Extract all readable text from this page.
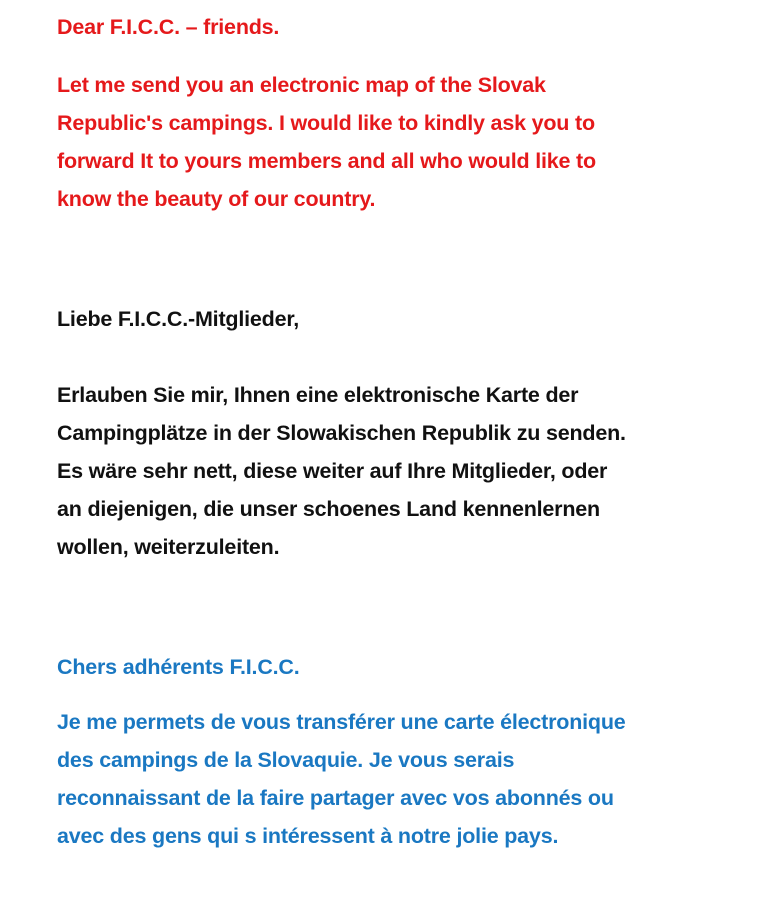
Dear F.I.C.C. – friends.

Let me send you an electronic map of the Slovak
Republic's campings. I would like to kindly ask you to
forward It to yours members and all who would like to
know the beauty of our country.

Liebe F.I.C.C.-Mitglieder,

Erlauben Sie mir, Ihnen eine elektronische Karte der
Campingplätze in der Slowakischen Republik zu senden.
Es wäre sehr nett, diese weiter auf Ihre Mitglieder, oder
an diejenigen, die unser schoenes Land kennenlernen
wollen, weiterzuleiten.

Chers adhérents F.I.C.C.

Je me permets de vous transférer une carte électronique
des campings de la Slovaquie. Je vous serais
reconnaissant de la faire partager avec vos abonnés ou
avec des gens qui s intéressent à notre jolie pays.
